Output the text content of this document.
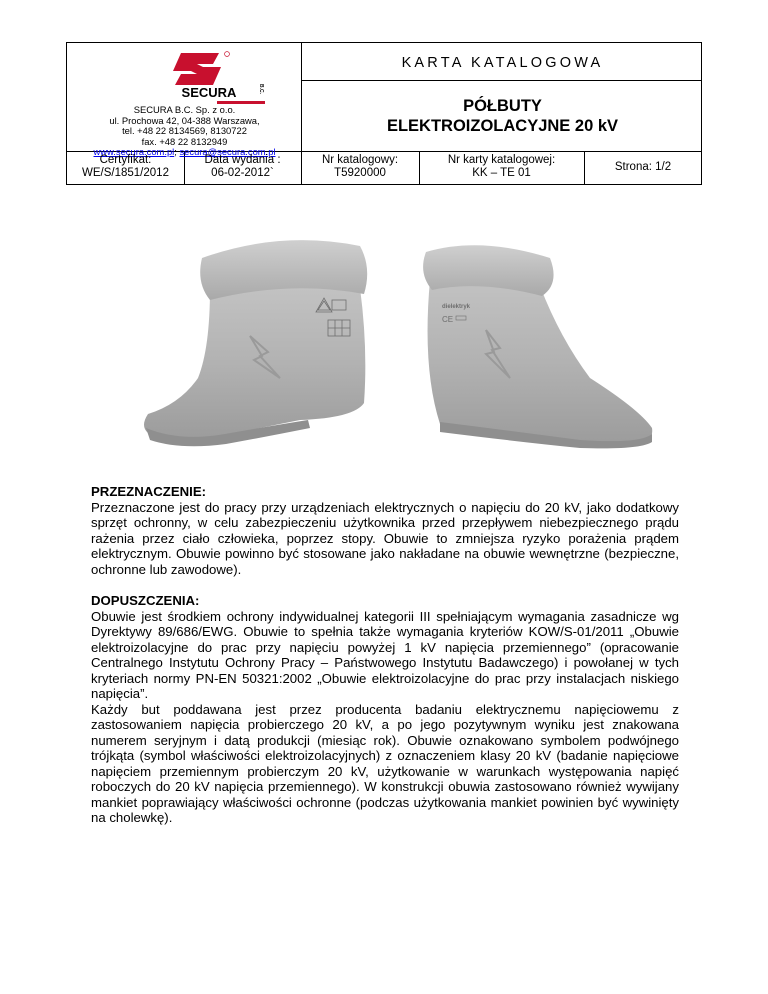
SECURA	B.C.
SECURA B.C. Sp. z o.o.
ul. Prochowa 42, 04-388 Warszawa,
tel. +48 22 8134569, 8130722
fax. +48 22 8132949
www.secura.com.pl; secura@secura.com.pl
KARTA KATALOGOWA
PÓŁBUTY
ELEKTROIZOLACYJNE 20 kV
Certyfikat:
WE/S/1851/2012
Data wydania :
06-02-2012`
Nr katalogowy:
T5920000
Nr karty katalogowej:
KK – TE 01	Strona: 1/2
dielektryk
CE
PRZEZNACZENIE:

Przeznaczone jest do pracy przy urządzeniach elektrycznych o napięciu do 20 kV, jako dodatkowy sprzęt ochronny, w celu zabezpieczeniu użytkownika przed przepływem niebezpiecznego prądu rażenia przez ciało człowieka, poprzez stopy. Obuwie to zmniejsza ryzyko porażenia prądem elektrycznym. Obuwie powinno być stosowane jako nakładane na obuwie wewnętrzne (bezpieczne, ochronne lub zawodowe).

DOPUSZCZENIA:

Obuwie jest środkiem ochrony indywidualnej kategorii III spełniającym wymagania zasadnicze wg Dyrektywy 89/686/EWG. Obuwie to spełnia także wymagania kryteriów KOW/S-01/2011 „Obuwie elektroizolacyjne do prac przy napięciu powyżej 1 kV napięcia przemiennego” (opracowanie Centralnego Instytutu Ochrony Pracy – Państwowego Instytutu Badawczego) i powołanej w tych kryteriach normy PN-EN 50321:2002 „Obuwie elektroizolacyjne do prac przy instalacjach niskiego napięcia”.

Każdy but poddawana jest przez producenta badaniu elektrycznemu napięciowemu z zastosowaniem napięcia probierczego 20 kV, a po jego pozytywnym wyniku jest znakowana numerem seryjnym i datą produkcji (miesiąc rok). Obuwie oznakowano symbolem podwójnego trójkąta (symbol właściwości elektroizolacyjnych) z oznaczeniem klasy 20 kV (badanie napięciowe napięciem przemiennym probierczym 20 kV, użytkowanie w warunkach występowania napięć roboczych do 20 kV napięcia przemiennego). W konstrukcji obuwia zastosowano również wywijany mankiet poprawiający właściwości ochronne (podczas użytkowania mankiet powinien być wywinięty na cholewkę).
